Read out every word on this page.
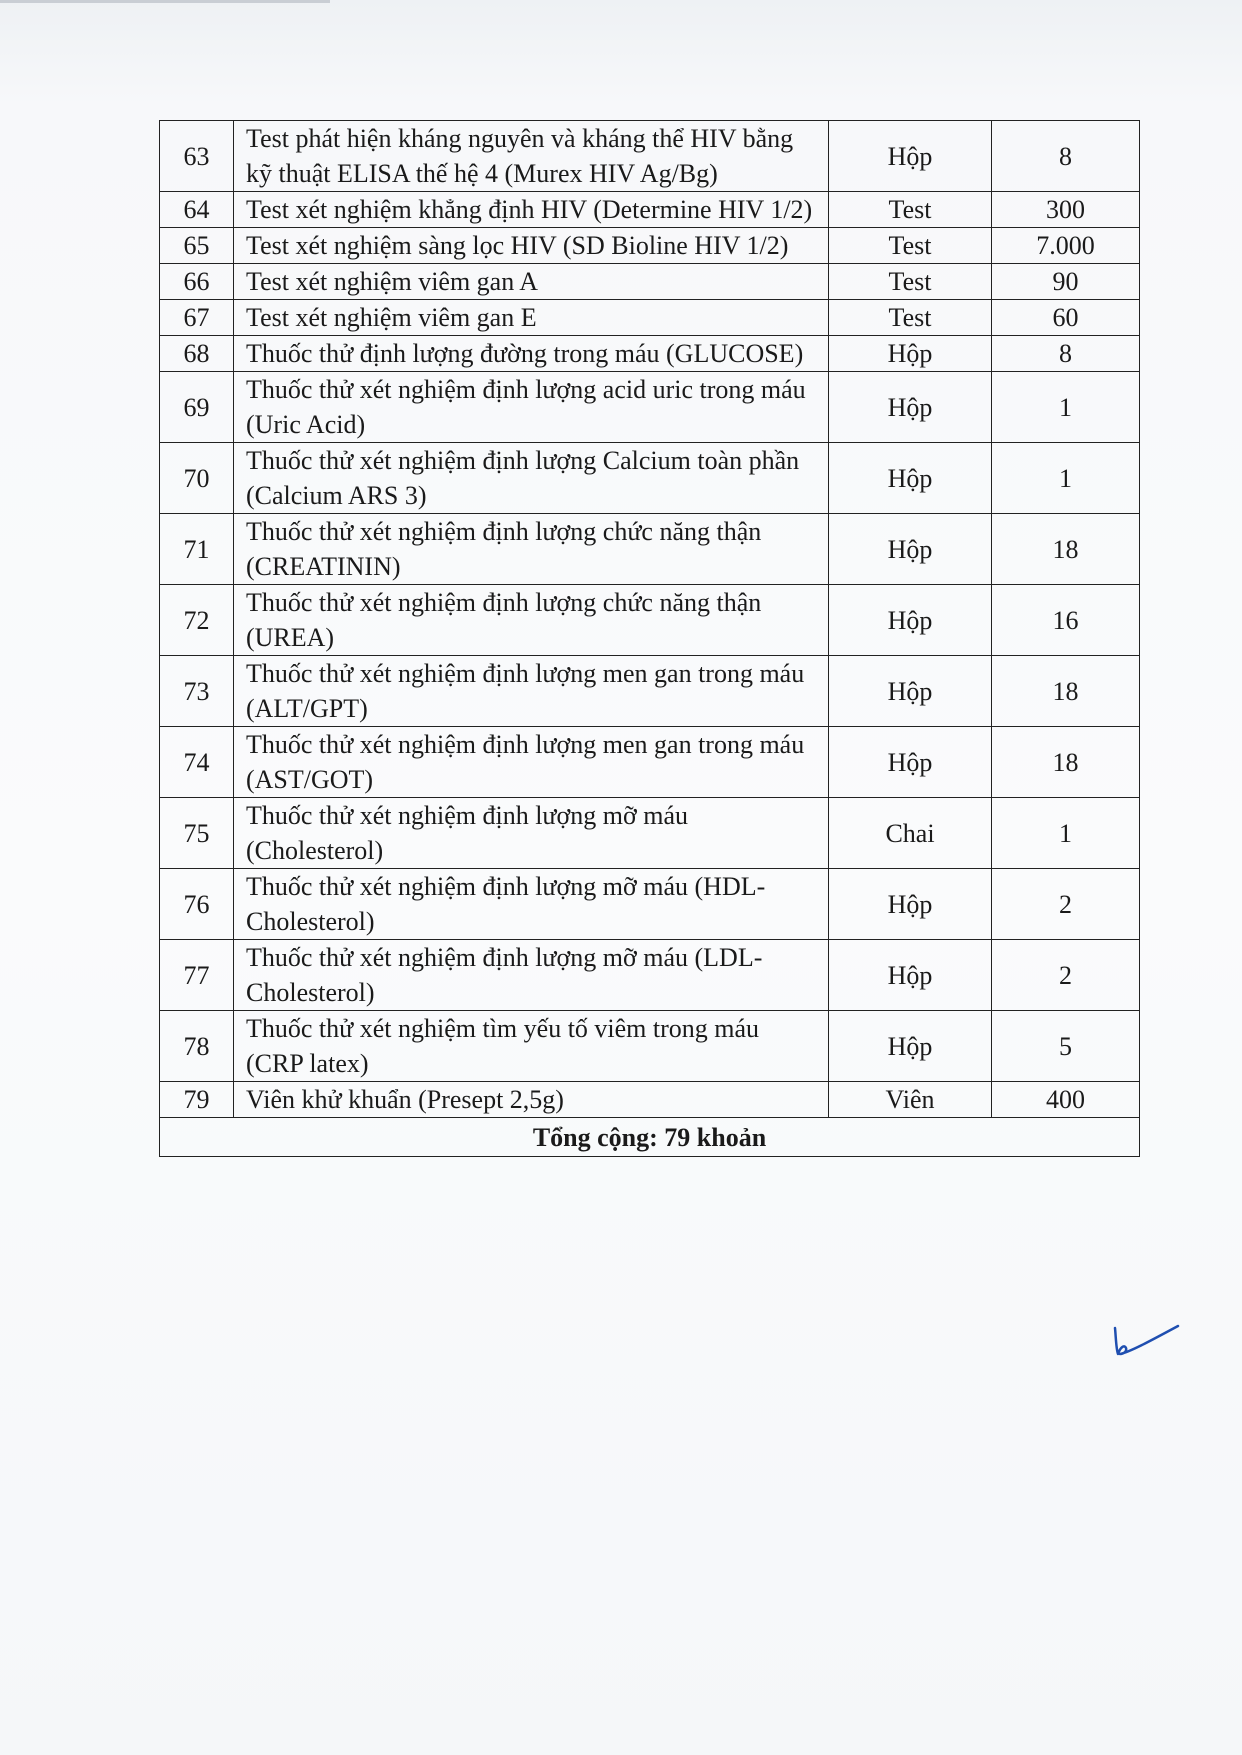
63	Test phát hiện kháng nguyên và kháng thể HIV bằng kỹ thuật ELISA thế hệ 4 (Murex HIV Ag/Bg)	Hộp	8
64	Test xét nghiệm khẳng định HIV (Determine HIV 1/2)	Test	300
65	Test xét nghiệm sàng lọc HIV (SD Bioline HIV 1/2)	Test	7.000
66	Test xét nghiệm viêm gan A	Test	90
67	Test xét nghiệm viêm gan E	Test	60
68	Thuốc thử định lượng đường trong máu (GLUCOSE)	Hộp	8
69	Thuốc thử xét nghiệm định lượng acid uric trong máu (Uric Acid)	Hộp	1
70	Thuốc thử xét nghiệm định lượng Calcium toàn phần (Calcium ARS 3)	Hộp	1
71	Thuốc thử xét nghiệm định lượng chức năng thận (CREATININ)	Hộp	18
72	Thuốc thử xét nghiệm định lượng chức năng thận (UREA)	Hộp	16
73	Thuốc thử xét nghiệm định lượng men gan trong máu (ALT/GPT)	Hộp	18
74	Thuốc thử xét nghiệm định lượng men gan trong máu (AST/GOT)	Hộp	18
75	Thuốc thử xét nghiệm định lượng mỡ máu (Cholesterol)	Chai	1
76	Thuốc thử xét nghiệm định lượng mỡ máu (HDL-Cholesterol)	Hộp	2
77	Thuốc thử xét nghiệm định lượng mỡ máu (LDL-Cholesterol)	Hộp	2
78	Thuốc thử xét nghiệm tìm yếu tố viêm trong máu (CRP latex)	Hộp	5
79	Viên khử khuẩn (Presept 2,5g)	Viên	400
Tổng cộng: 79 khoản			
